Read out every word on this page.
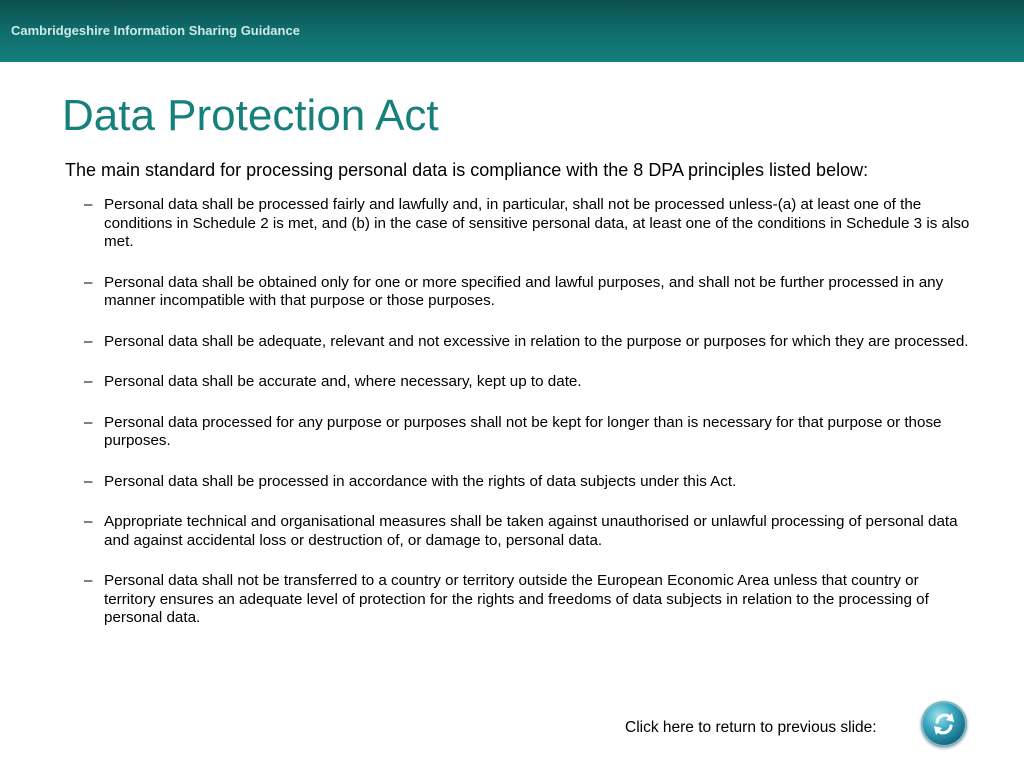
Cambridgeshire Information Sharing Guidance
Data Protection Act
The main standard for processing personal data is compliance with the 8 DPA principles listed below:
– Personal data shall be processed fairly and lawfully and, in particular, shall not be processed unless-(a) at least one of the conditions in Schedule 2 is met, and (b) in the case of sensitive personal data, at least one of the conditions in Schedule 3 is also met.
– Personal data shall be obtained only for one or more specified and lawful purposes, and shall not be further processed in any manner incompatible with that purpose or those purposes.
– Personal data shall be adequate, relevant and not excessive in relation to the purpose or purposes for which they are processed.
– Personal data shall be accurate and, where necessary, kept up to date.
– Personal data processed for any purpose or purposes shall not be kept for longer than is necessary for that purpose or those purposes.
– Personal data shall be processed in accordance with the rights of data subjects under this Act.
– Appropriate technical and organisational measures shall be taken against unauthorised or unlawful processing of personal data and against accidental loss or destruction of, or damage to, personal data.
– Personal data shall not be transferred to a country or territory outside the European Economic Area unless that country or territory ensures an adequate level of protection for the rights and freedoms of data subjects in relation to the processing of personal data.
Click here to return to previous slide:
